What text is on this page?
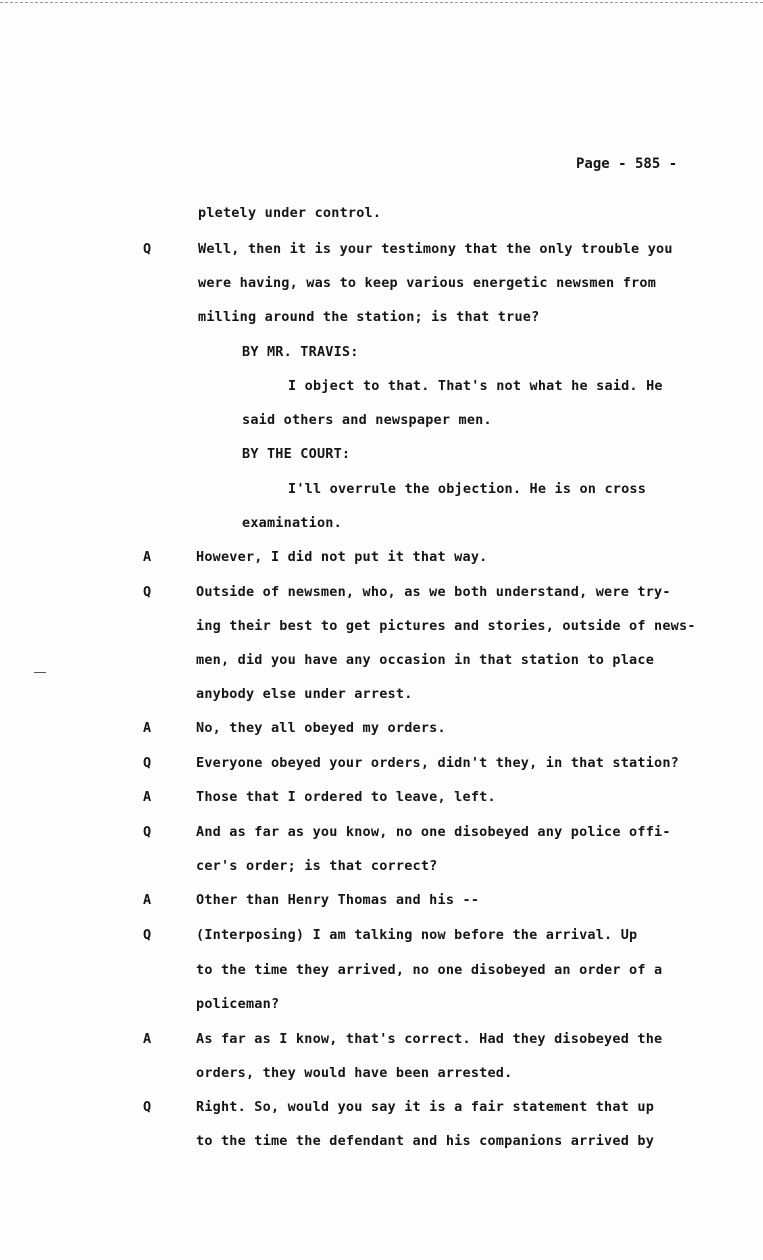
Page - 585 -
pletely under control.
Q	Well, then it is your testimony that the only trouble you
were having, was to keep various energetic newsmen from
milling around the station; is that true?
BY MR. TRAVIS:
I object to that. That's not what he said. He
said others and newspaper men.
BY THE COURT:
I'll overrule the objection. He is on cross
examination.
A	However, I did not put it that way.
Q	Outside of newsmen, who, as we both understand, were try-
ing their best to get pictures and stories, outside of news-
men, did you have any occasion in that station to place
anybody else under arrest.
A	No, they all obeyed my orders.
Q	Everyone obeyed your orders, didn't they, in that station?
A	Those that I ordered to leave, left.
Q	And as far as you know, no one disobeyed any police offi-
cer's order; is that correct?
A	Other than Henry Thomas and his --
Q	(Interposing) I am talking now before the arrival. Up
to the time they arrived, no one disobeyed an order of a
policeman?
A	As far as I know, that's correct. Had they disobeyed the
orders, they would have been arrested.
Q	Right. So, would you say it is a fair statement that up
to the time the defendant and his companions arrived by
